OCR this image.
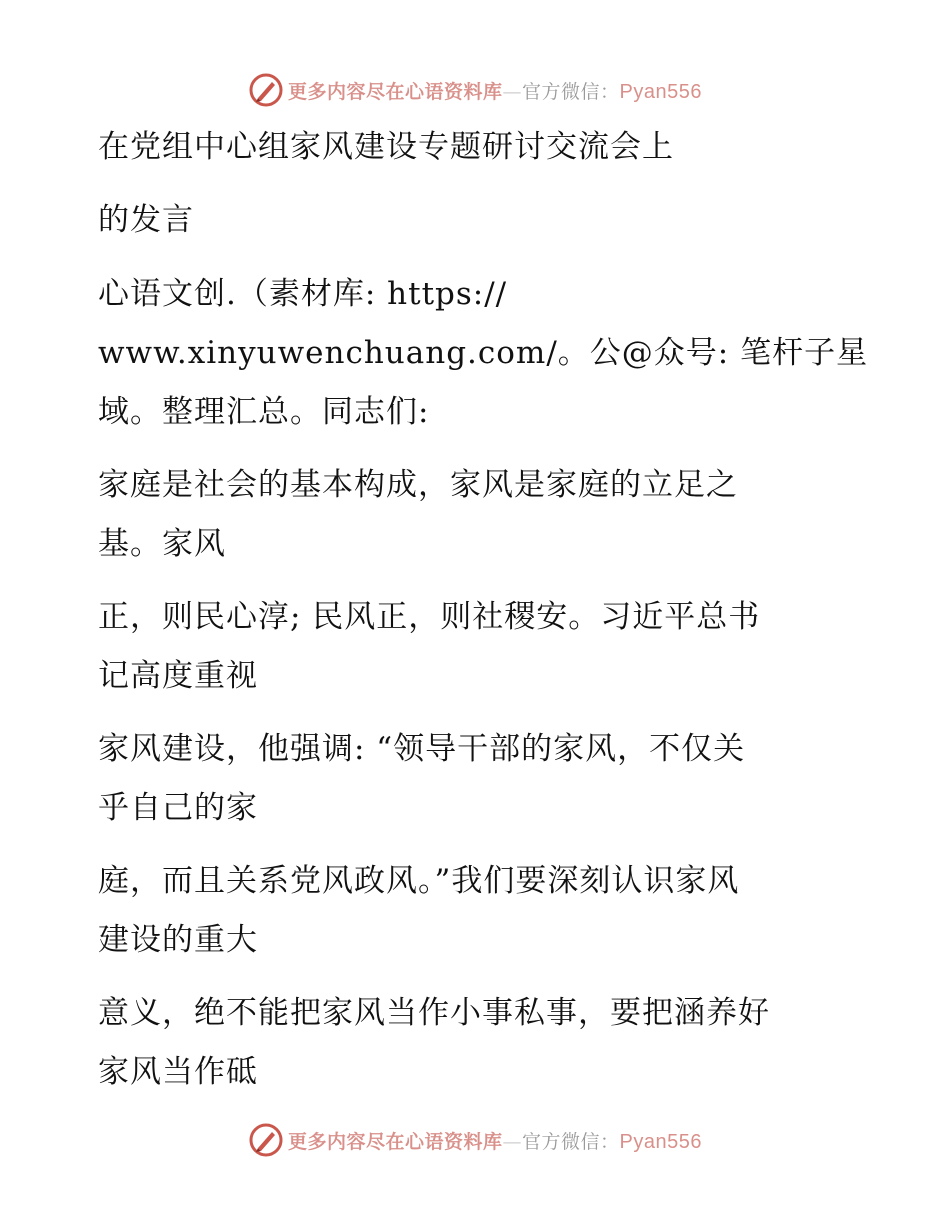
更多内容尽在心语资料库—官方微信：Pyan556
在党组中心组家风建设专题研讨交流会上
的发言
心语文创.（素材库: https://
www.xinyuwenchuang.com/。公@众号: 笔杆子星
域。整理汇总。同志们:
家庭是社会的基本构成，家风是家庭的立足之
基。家风
正，则民心淳; 民风正，则社稷安。习近平总书
记高度重视
家风建设，他强调: “领导干部的家风，不仅关
乎自己的家
庭，而且关系党风政风。”我们要深刻认识家风
建设的重大
意义，绝不能把家风当作小事私事，要把涵养好
家风当作砥
更多内容尽在心语资料库—官方微信：Pyan556
